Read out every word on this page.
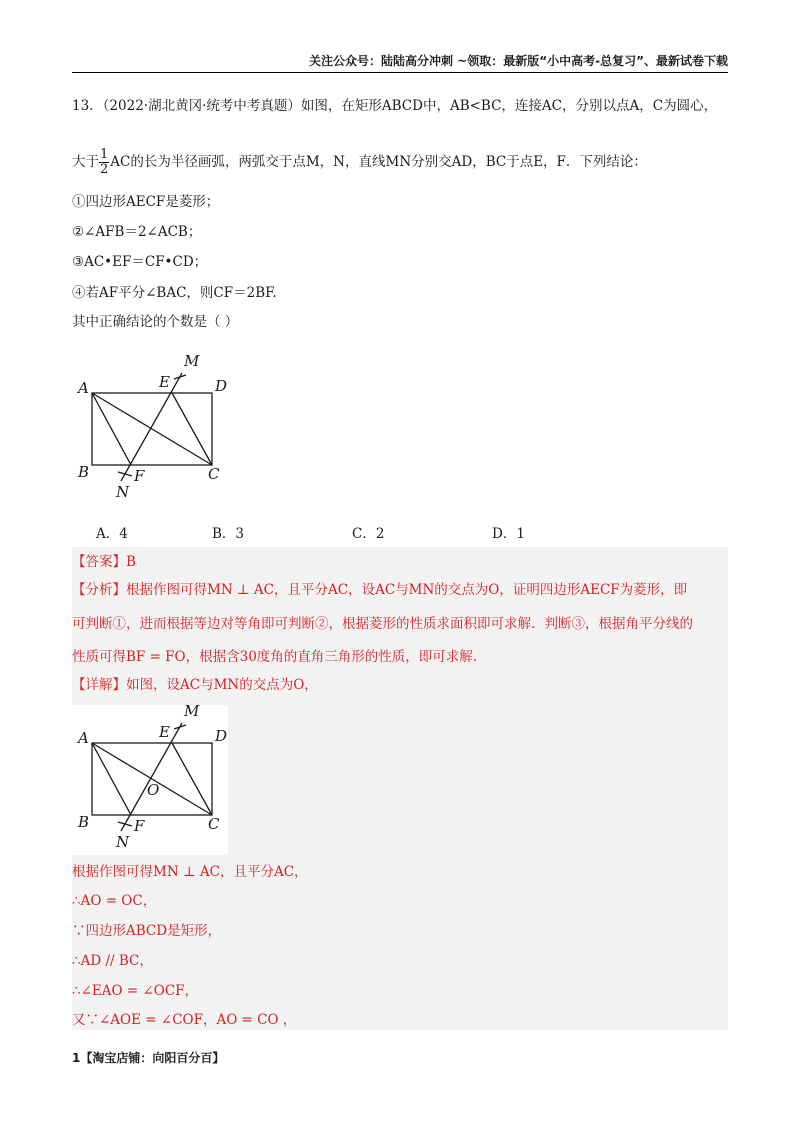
关注公众号：陆陆高分冲刺 ~领取：最新版“小中高考-总复习”、最新试卷下载
13．（2022·湖北黄冈·统考中考真题）如图，在矩形ABCD中，AB<BC，连接AC，分别以点A，C为圆心，
大于 $\frac{1}{2}$ AC的长为半径画弧，两弧交于点M，N，直线MN分别交AD，BC于点E，F．下列结论：
①四边形AECF是菱形；
②∠AFB＝2∠ACB；
③AC•EF＝CF•CD；
④若AF平分∠BAC，则CF＝2BF.
其中正确结论的个数是（ ）
A
B	C
D
E
F
M
N
A．4	B．3	C．2	D．1
【答案】B
【分析】根据作图可得MN ⊥ AC，且平分AC，设AC与MN的交点为O，证明四边形AECF为菱形，即
可判断①，进而根据等边对等角即可判断②，根据菱形的性质求面积即可求解．判断③，根据角平分线的
性质可得BF = FO，根据含30度角的直角三角形的性质，即可求解.
【详解】如图，设AC与MN的交点为O，
A
B	C
D
E
F
M
N
O
根据作图可得MN ⊥ AC，且平分AC，
∴AO = OC，
∵四边形ABCD是矩形，
∴AD // BC，
∴∠EAO = ∠OCF，
又∵∠AOE = ∠COF，AO = CO ，
1【淘宝店铺：向阳百分百】
